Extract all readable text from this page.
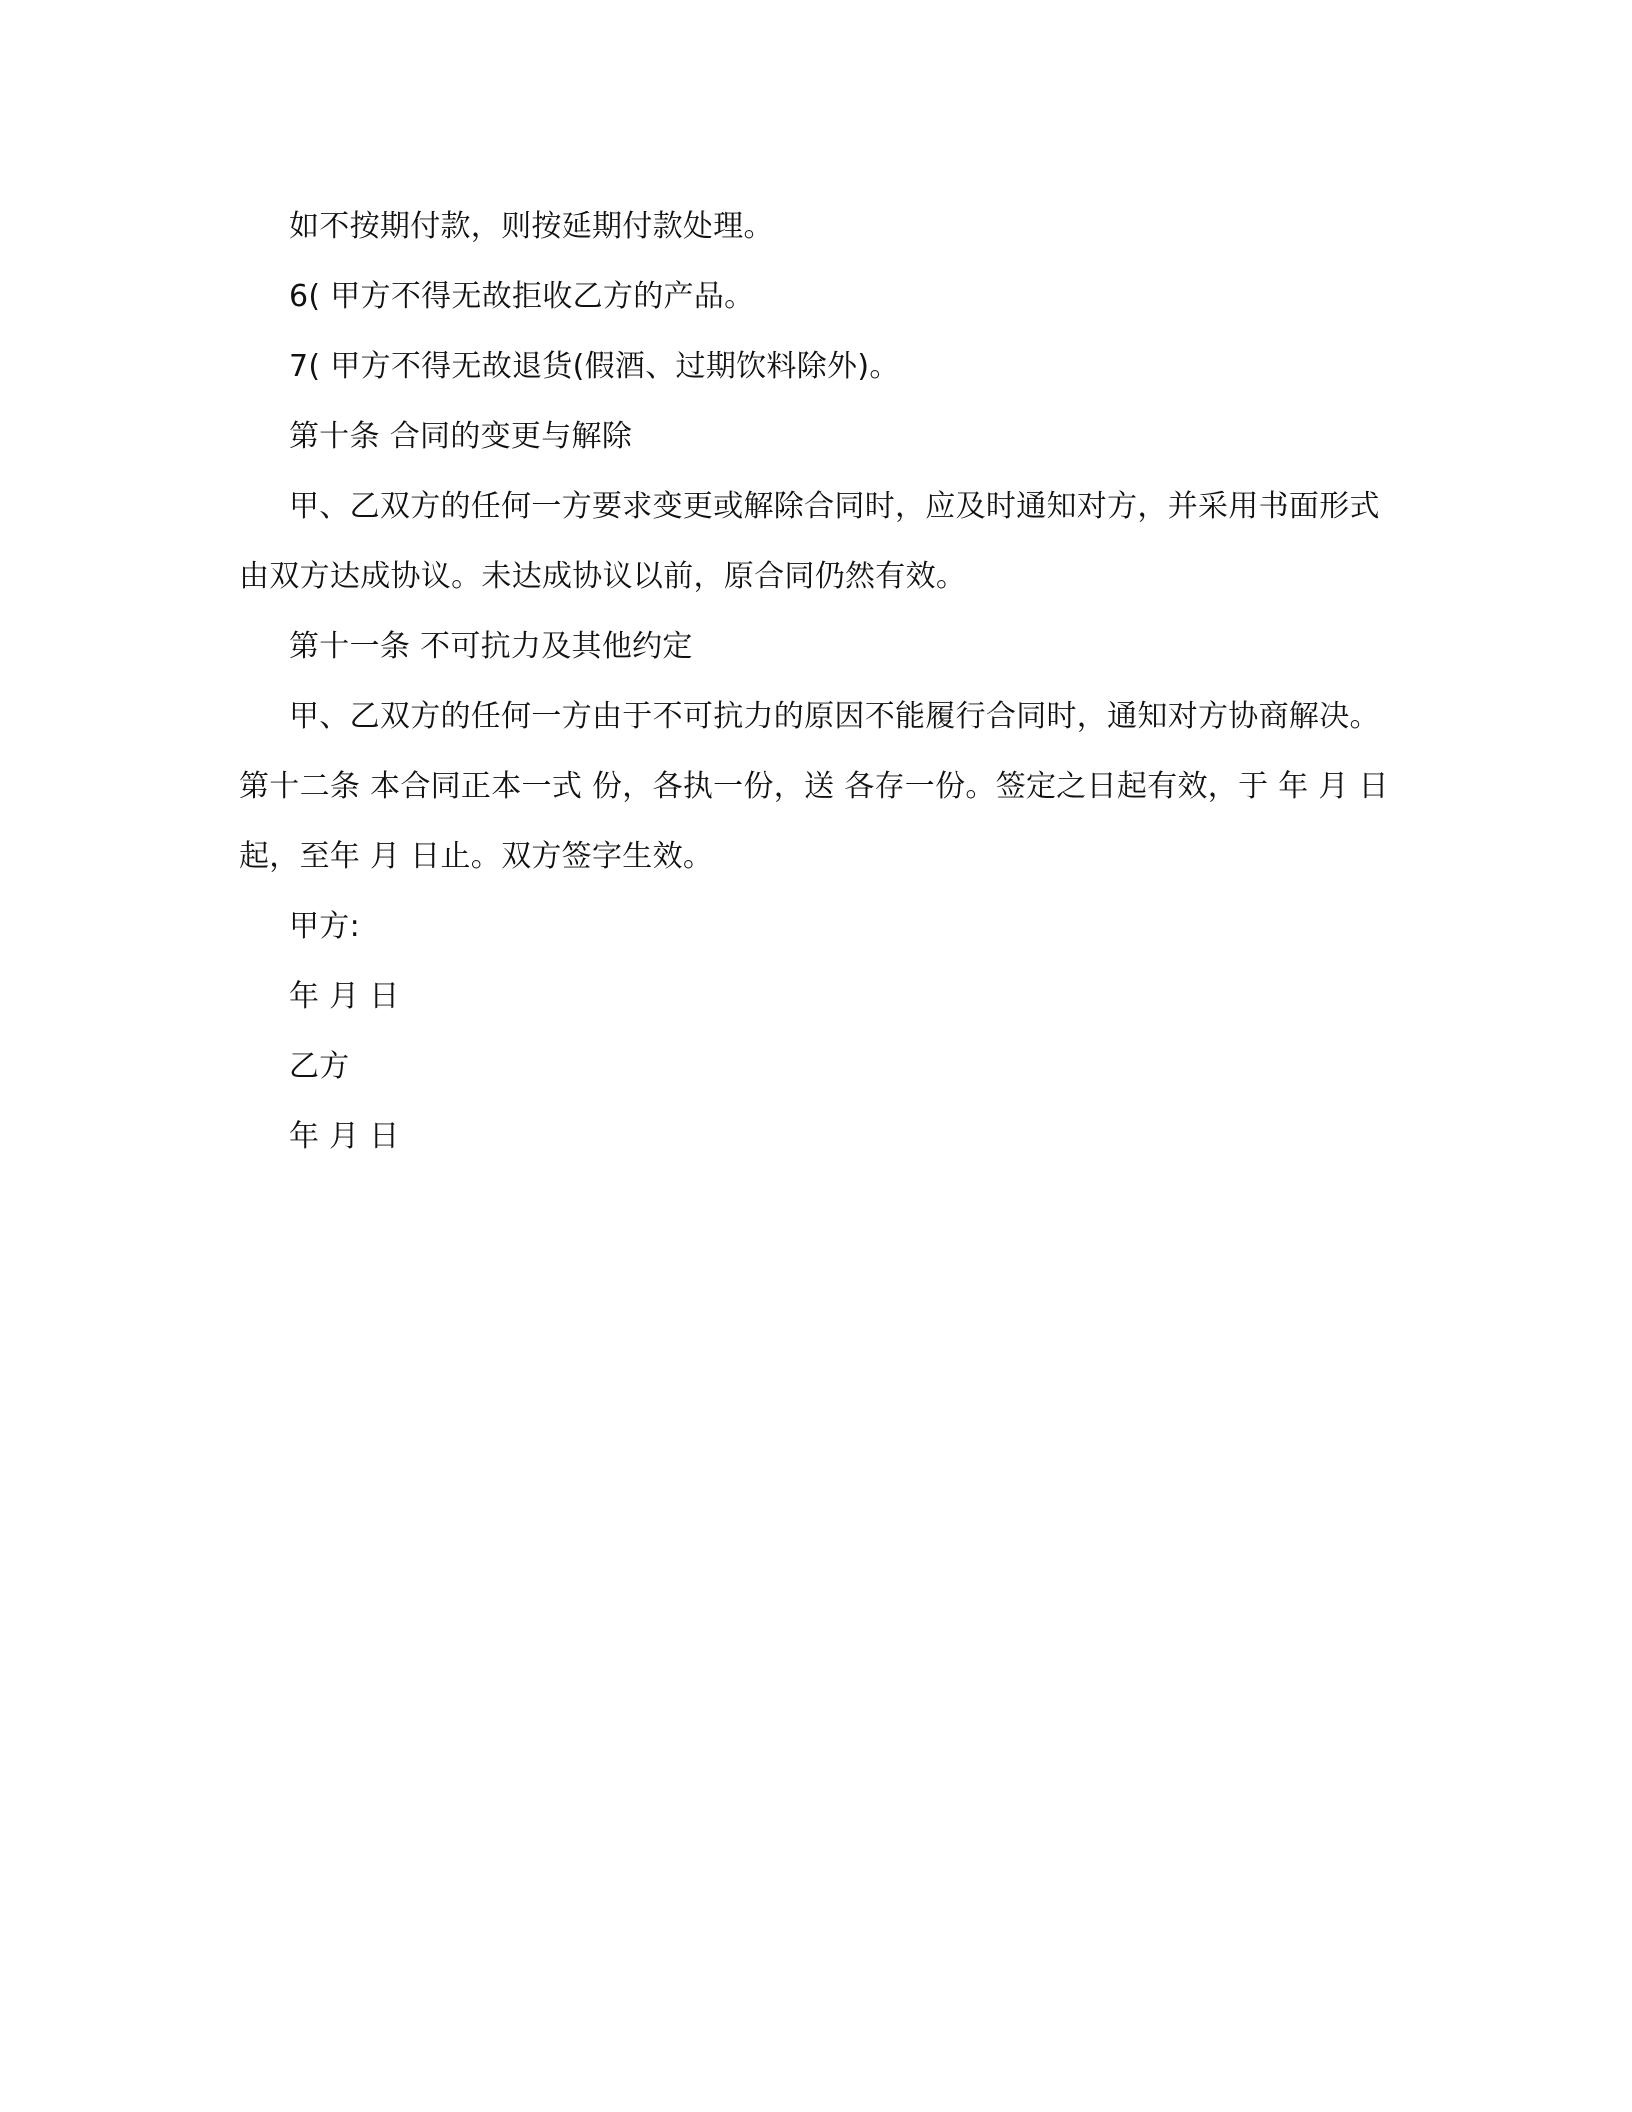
如不按期付款，则按延期付款处理。

6( 甲方不得无故拒收乙方的产品。

7( 甲方不得无故退货(假酒、过期饮料除外)。

第十条 合同的变更与解除

甲、乙双方的任何一方要求变更或解除合同时，应及时通知对方，并采用书面形式由双方达成协议。未达成协议以前，原合同仍然有效。

第十一条 不可抗力及其他约定

甲、乙双方的任何一方由于不可抗力的原因不能履行合同时，通知对方协商解决。 第十二条 本合同正本一式 份，各执一份，送 各存一份。签定之日起有效，于 年 月 日起，至年 月 日止。双方签字生效。

甲方:

年 月 日

乙方

年 月 日
